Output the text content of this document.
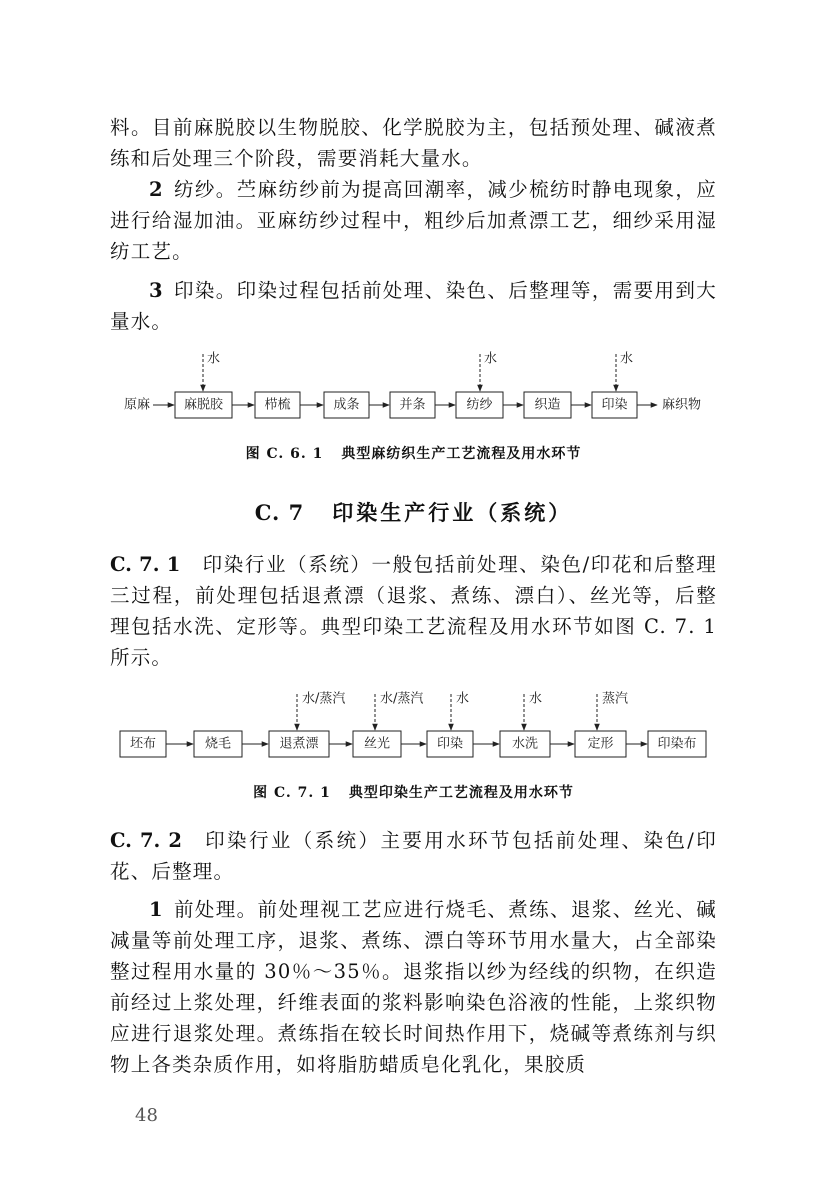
料。目前麻脱胶以生物脱胶、化学脱胶为主，包括预处理、碱液煮练和后处理三个阶段，需要消耗大量水。

2 纺纱。苎麻纺纱前为提高回潮率，减少梳纺时静电现象，应进行给湿加油。亚麻纺纱过程中，粗纱后加煮漂工艺，细纱采用湿纺工艺。

3 印染。印染过程包括前处理、染色、后整理等，需要用到大量水。

原麻	麻脱胶	栉梳	成条	并条	纺纱	织造	印染	麻织物
水	水	水
图 C. 6. 1 典型麻纺织生产工艺流程及用水环节
C. 7 印染生产行业（系统）

C. 7. 1 印染行业（系统）一般包括前处理、染色/印花和后整理三过程，前处理包括退煮漂（退浆、煮练、漂白）、丝光等，后整理包括水洗、定形等。典型印染工艺流程及用水环节如图 C. 7. 1 所示。

坯布	烧毛	退煮漂	丝光	印染	水洗	定形	印染布
水/蒸汽	水/蒸汽	水	水	蒸汽
图 C. 7. 1 典型印染生产工艺流程及用水环节

C. 7. 2 印染行业（系统）主要用水环节包括前处理、染色/印花、后整理。

1 前处理。前处理视工艺应进行烧毛、煮练、退浆、丝光、碱减量等前处理工序，退浆、煮练、漂白等环节用水量大，占全部染整过程用水量的 30％～35％。退浆指以纱为经线的织物，在织造前经过上浆处理，纤维表面的浆料影响染色浴液的性能，上浆织物应进行退浆处理。煮练指在较长时间热作用下，烧碱等煮练剂与织物上各类杂质作用，如将脂肪蜡质皂化乳化，果胶质

48
